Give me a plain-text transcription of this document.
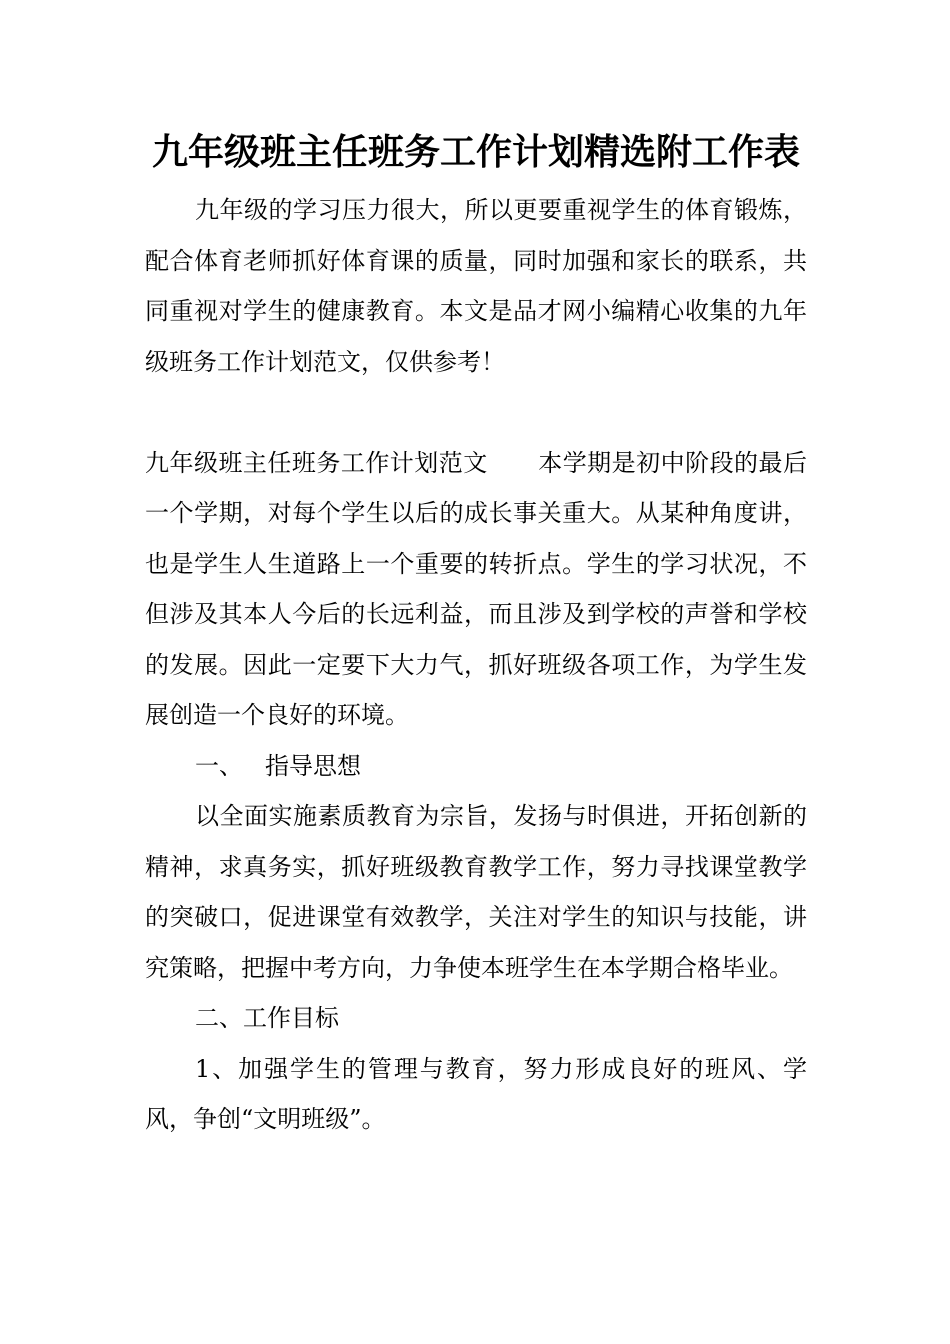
九年级班主任班务工作计划精选附工作表

九年级的学习压力很大，所以更要重视学生的体育锻炼，配合体育老师抓好体育课的质量，同时加强和家长的联系，共同重视对学生的健康教育。本文是品才网小编精心收集的九年级班务工作计划范文，仅供参考！

九年级班主任班务工作计划范文 本学期是初中阶段的最后一个学期，对每个学生以后的成长事关重大。从某种角度讲，也是学生人生道路上一个重要的转折点。学生的学习状况，不但涉及其本人今后的长远利益，而且涉及到学校的声誉和学校的发展。因此一定要下大力气，抓好班级各项工作，为学生发展创造一个良好的环境。

一、 指导思想

以全面实施素质教育为宗旨，发扬与时俱进，开拓创新的精神，求真务实，抓好班级教育教学工作，努力寻找课堂教学的突破口，促进课堂有效教学，关注对学生的知识与技能，讲究策略，把握中考方向，力争使本班学生在本学期合格毕业。

二、工作目标

1、加强学生的管理与教育，努力形成良好的班风、学风，争创“文明班级”。
